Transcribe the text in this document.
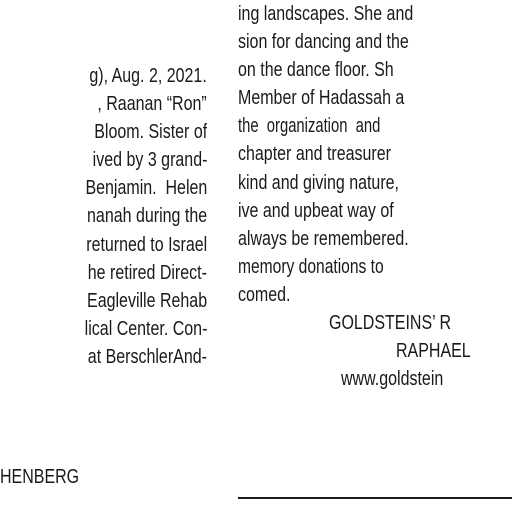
g), Aug. 2, 2021.
, Raanan “Ron”
Bloom. Sister of
ived by 3 grand-
Benjamin.  Helen
nanah during the
returned to Israel
he retired Direct-
Eagleville Rehab
lical Center. Con-
at BerschlerAnd-
HENBERG
ing landscapes. She and
sion for dancing and the
on the dance floor. Sh
Member of Hadassah a
the  organization  and
chapter and treasurer
kind and giving nature,
ive and upbeat way of
always be remembered.
memory donations to
comed.
GOLDSTEINS’ R
RAPHAEL
www.goldstein
